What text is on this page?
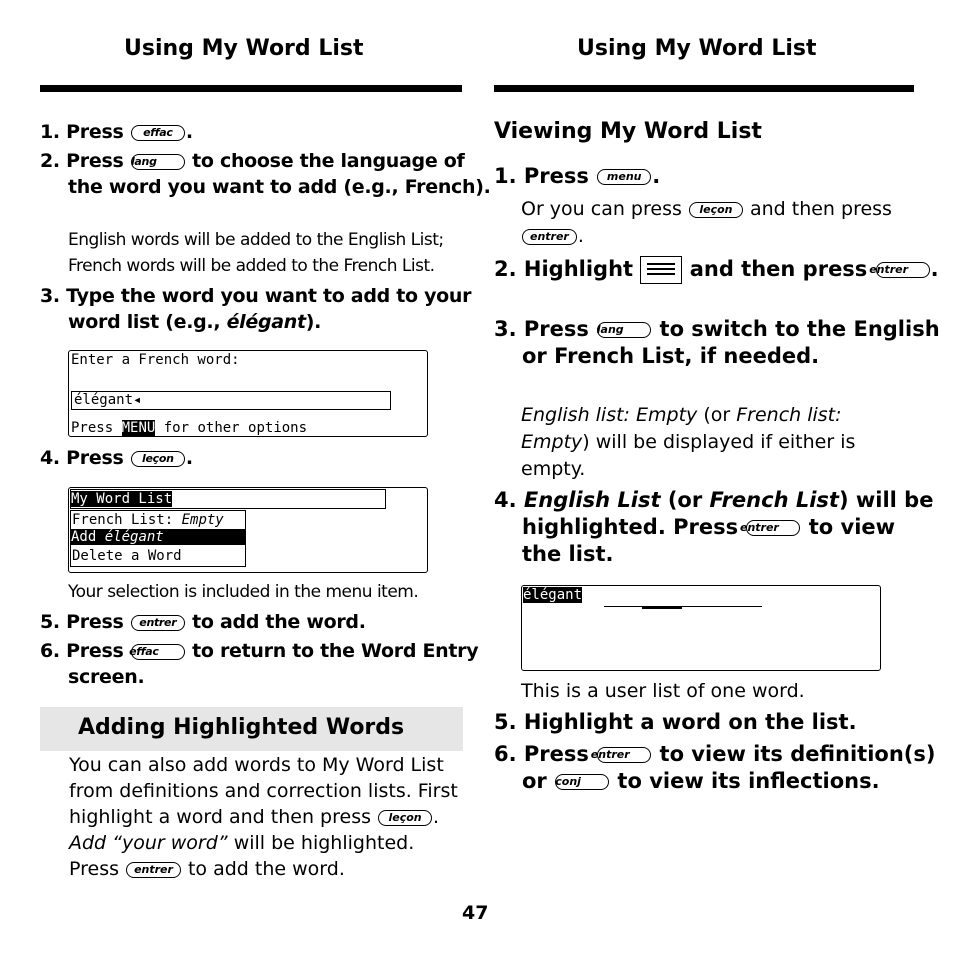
Using My Word List	Using My Word List
1. Press effac .
2. Press lang to choose the language of the word you want to add (e.g., French).
English words will be added to the English List; French words will be added to the French List.
3. Type the word you want to add to your word list (e.g., élégant).
Enter a French word:
élégant◂
Press MENU for other options
4. Press leçon .
My Word List
French List: Empty
Add élégant
Delete a Word
Your selection is included in the menu item.
5. Press entrer to add the word.
6. Press effac to return to the Word Entry screen.
Adding Highlighted Words
You can also add words to My Word List from definitions and correction lists. First highlight a word and then press leçon . Add “your word” will be highlighted. Press entrer to add the word.
47
Viewing My Word List
1. Press menu .
Or you can press leçon and then press entrer .
2. Highlight	and then press entrer .
3. Press lang to switch to the English or French List, if needed.
English list: Empty (or French list: Empty) will be displayed if either is empty.
4. English List (or French List) will be highlighted. Press entrer to view the list.
élégant
This is a user list of one word.
5. Highlight a word on the list.
6. Press entrer to view its definition(s) or conj to view its inflections.
